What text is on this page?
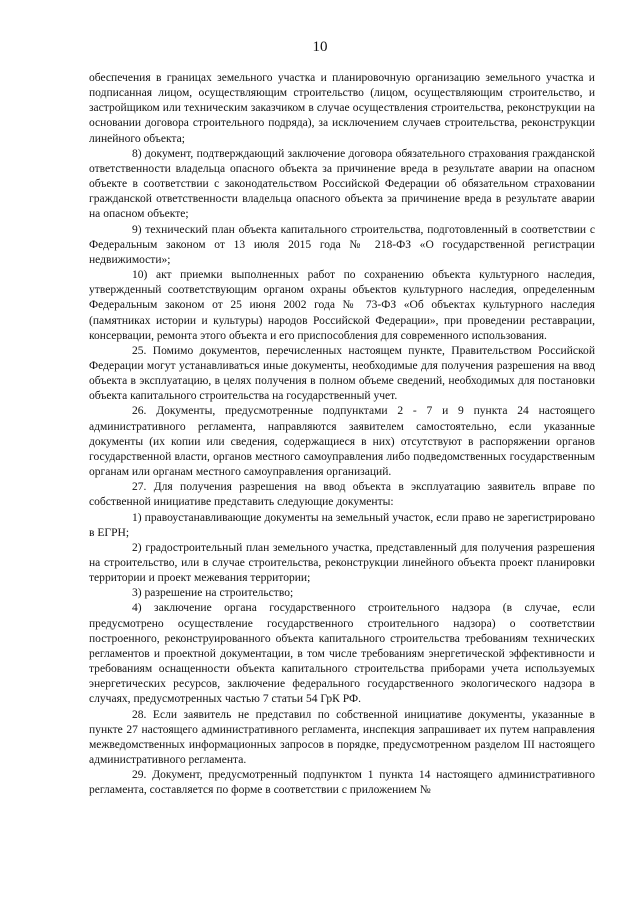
10

обеспечения в границах земельного участка и планировочную организацию земельного участка и подписанная лицом, осуществляющим строительство (лицом, осуществляющим строительство, и застройщиком или техническим заказчиком в случае осуществления строительства, реконструкции на основании договора строительного подряда), за исключением случаев строительства, реконструкции линейного объекта;

8) документ, подтверждающий заключение договора обязательного страхования гражданской ответственности владельца опасного объекта за причинение вреда в результате аварии на опасном объекте в соответствии с законодательством Российской Федерации об обязательном страховании гражданской ответственности владельца опасного объекта за причинение вреда в результате аварии на опасном объекте;

9) технический план объекта капитального строительства, подготовленный в соответствии с Федеральным законом от 13 июля 2015 года № 218-ФЗ «О государственной регистрации недвижимости»;

10) акт приемки выполненных работ по сохранению объекта культурного наследия, утвержденный соответствующим органом охраны объектов культурного наследия, определенным Федеральным законом от 25 июня 2002 года № 73-ФЗ «Об объектах культурного наследия (памятниках истории и культуры) народов Российской Федерации», при проведении реставрации, консервации, ремонта этого объекта и его приспособления для современного использования.

25. Помимо документов, перечисленных настоящем пункте, Правительством Российской Федерации могут устанавливаться иные документы, необходимые для получения разрешения на ввод объекта в эксплуатацию, в целях получения в полном объеме сведений, необходимых для постановки объекта капитального строительства на государственный учет.

26. Документы, предусмотренные подпунктами 2 - 7 и 9 пункта 24 настоящего административного регламента, направляются заявителем самостоятельно, если указанные документы (их копии или сведения, содержащиеся в них) отсутствуют в распоряжении органов государственной власти, органов местного самоуправления либо подведомственных государственным органам или органам местного самоуправления организаций.

27. Для получения разрешения на ввод объекта в эксплуатацию заявитель вправе по собственной инициативе представить следующие документы:

1) правоустанавливающие документы на земельный участок, если право не зарегистрировано в ЕГРН;

2) градостроительный план земельного участка, представленный для получения разрешения на строительство, или в случае строительства, реконструкции линейного объекта проект планировки территории и проект межевания территории;

3) разрешение на строительство;

4) заключение органа государственного строительного надзора (в случае, если предусмотрено осуществление государственного строительного надзора) о соответствии построенного, реконструированного объекта капитального строительства требованиям технических регламентов и проектной документации, в том числе требованиям энергетической эффективности и требованиям оснащенности объекта капитального строительства приборами учета используемых энергетических ресурсов, заключение федерального государственного экологического надзора в случаях, предусмотренных частью 7 статьи 54 ГрК РФ.

28. Если заявитель не представил по собственной инициативе документы, указанные в пункте 27 настоящего административного регламента, инспекция запрашивает их путем направления межведомственных информационных запросов в порядке, предусмотренном разделом III настоящего административного регламента.

29. Документ, предусмотренный подпунктом 1 пункта 14 настоящего административного регламента, составляется по форме в соответствии с приложением №
